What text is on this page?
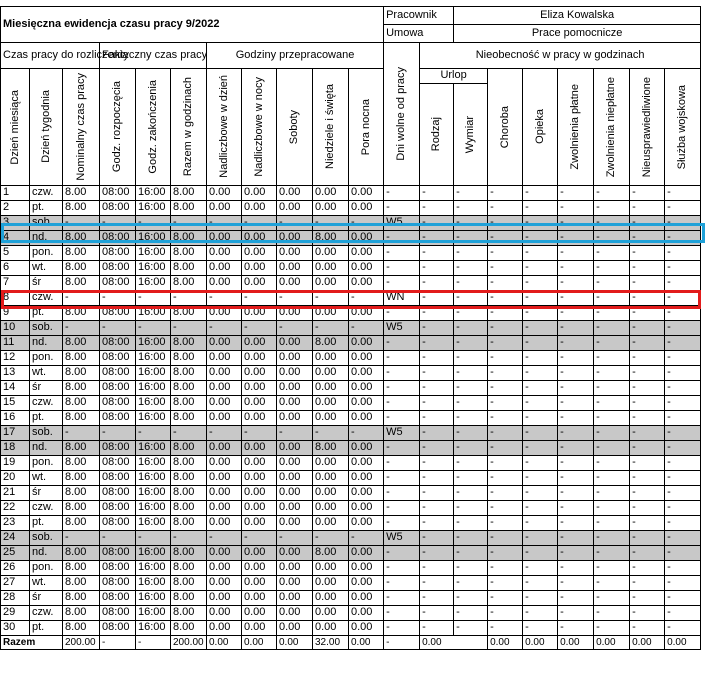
Miesięczna ewidencja czasu pracy 9/2022											Pracownik		Eliza Kowalska						
											Umowa		Prace pomocnicze						
Czas pracy do rozliczenia			Faktyczny czas pracy			Godziny przepracowane					Dni wolne od pracy	Nieobecność w pracy w godzinach							

Dzień miesiąca	Dzień tygodnia	Nominalny czas pracy	Godz. rozpoczęcia	Godz. zakończenia	Razem w godzinach	Nadliczbowe w dzień	Nadliczbowe w nocy	Soboty	Niedziele i święta	Pora nocna		Urlop		Choroba	Opieka	Zwolnienia płatne	Zwolnienia niepłatne	Nieusprawiedliwione	Służba wojskowa

												Rodzaj	Wymiar						

1	czw.	8.00	08:00	16:00	8.00	0.00	0.00	0.00	0.00	0.00	-	-	-	-	-	-	-	-	-
2	pt.	8.00	08:00	16:00	8.00	0.00	0.00	0.00	0.00	0.00	-	-	-	-	-	-	-	-	-
3	sob.	-	-	-	-	-	-	-	-	-	W5	-	-	-	-	-	-	-	-
4	nd.	8.00	08:00	16:00	8.00	0.00	0.00	0.00	8.00	0.00	-	-	-	-	-	-	-	-	-
5	pon.	8.00	08:00	16:00	8.00	0.00	0.00	0.00	0.00	0.00	-	-	-	-	-	-	-	-	-
6	wt.	8.00	08:00	16:00	8.00	0.00	0.00	0.00	0.00	0.00	-	-	-	-	-	-	-	-	-
7	śr	8.00	08:00	16:00	8.00	0.00	0.00	0.00	0.00	0.00	-	-	-	-	-	-	-	-	-
8	czw.	-	-	-	-	-	-	-	-	-	WN	-	-	-	-	-	-	-	-
9	pt.	8.00	08:00	16:00	8.00	0.00	0.00	0.00	0.00	0.00	-	-	-	-	-	-	-	-	-
10	sob.	-	-	-	-	-	-	-	-	-	W5	-	-	-	-	-	-	-	-
11	nd.	8.00	08:00	16:00	8.00	0.00	0.00	0.00	8.00	0.00	-	-	-	-	-	-	-	-	-
12	pon.	8.00	08:00	16:00	8.00	0.00	0.00	0.00	0.00	0.00	-	-	-	-	-	-	-	-	-
13	wt.	8.00	08:00	16:00	8.00	0.00	0.00	0.00	0.00	0.00	-	-	-	-	-	-	-	-	-
14	śr	8.00	08:00	16:00	8.00	0.00	0.00	0.00	0.00	0.00	-	-	-	-	-	-	-	-	-
15	czw.	8.00	08:00	16:00	8.00	0.00	0.00	0.00	0.00	0.00	-	-	-	-	-	-	-	-	-
16	pt.	8.00	08:00	16:00	8.00	0.00	0.00	0.00	0.00	0.00	-	-	-	-	-	-	-	-	-
17	sob.	-	-	-	-	-	-	-	-	-	W5	-	-	-	-	-	-	-	-
18	nd.	8.00	08:00	16:00	8.00	0.00	0.00	0.00	8.00	0.00	-	-	-	-	-	-	-	-	-
19	pon.	8.00	08:00	16:00	8.00	0.00	0.00	0.00	0.00	0.00	-	-	-	-	-	-	-	-	-
20	wt.	8.00	08:00	16:00	8.00	0.00	0.00	0.00	0.00	0.00	-	-	-	-	-	-	-	-	-
21	śr	8.00	08:00	16:00	8.00	0.00	0.00	0.00	0.00	0.00	-	-	-	-	-	-	-	-	-
22	czw.	8.00	08:00	16:00	8.00	0.00	0.00	0.00	0.00	0.00	-	-	-	-	-	-	-	-	-
23	pt.	8.00	08:00	16:00	8.00	0.00	0.00	0.00	0.00	0.00	-	-	-	-	-	-	-	-	-
24	sob.	-	-	-	-	-	-	-	-	-	W5	-	-	-	-	-	-	-	-
25	nd.	8.00	08:00	16:00	8.00	0.00	0.00	0.00	8.00	0.00	-	-	-	-	-	-	-	-	-
26	pon.	8.00	08:00	16:00	8.00	0.00	0.00	0.00	0.00	0.00	-	-	-	-	-	-	-	-	-
27	wt.	8.00	08:00	16:00	8.00	0.00	0.00	0.00	0.00	0.00	-	-	-	-	-	-	-	-	-
28	śr	8.00	08:00	16:00	8.00	0.00	0.00	0.00	0.00	0.00	-	-	-	-	-	-	-	-	-
29	czw.	8.00	08:00	16:00	8.00	0.00	0.00	0.00	0.00	0.00	-	-	-	-	-	-	-	-	-
30	pt.	8.00	08:00	16:00	8.00	0.00	0.00	0.00	0.00	0.00	-	-	-	-	-	-	-	-	-
Razem		200.00	-	-	200.00	0.00	0.00	0.00	32.00	0.00	-	0.00		0.00	0.00	0.00	0.00	0.00	0.00
